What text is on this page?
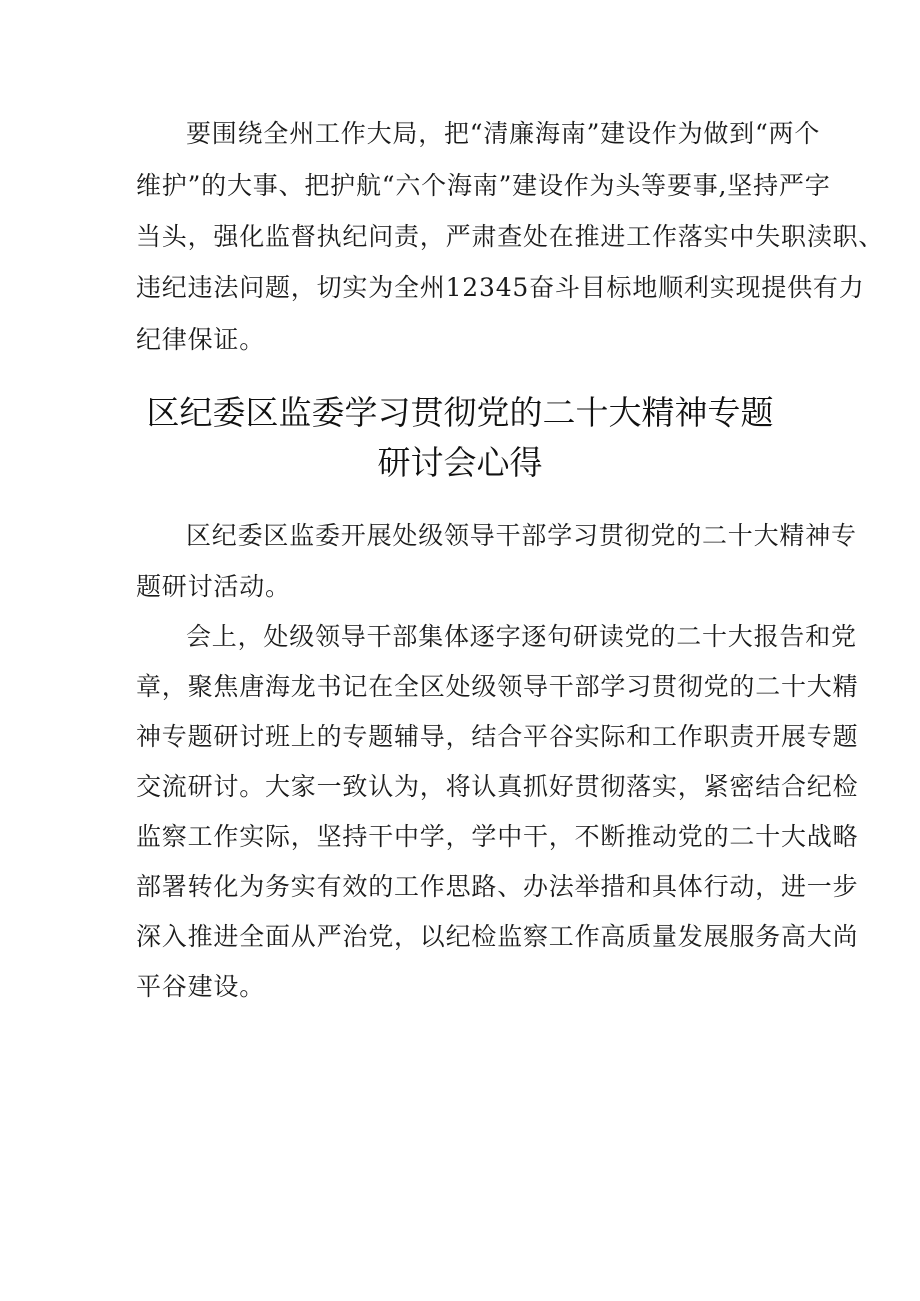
要围绕全州工作大局，把“清廉海南”建设作为做到“两个
维护”的大事、把护航“六个海南”建设作为头等要事,坚持严字
当头，强化监督执纪问责，严肃查处在推进工作落实中失职渎职、
违纪违法问题，切实为全州12345奋斗目标地顺利实现提供有力
纪律保证。
区纪委区监委学习贯彻党的二十大精神专题
研讨会心得
区纪委区监委开展处级领导干部学习贯彻党的二十大精神专
题研讨活动。
会上，处级领导干部集体逐字逐句研读党的二十大报告和党
章，聚焦唐海龙书记在全区处级领导干部学习贯彻党的二十大精
神专题研讨班上的专题辅导，结合平谷实际和工作职责开展专题
交流研讨。大家一致认为，将认真抓好贯彻落实，紧密结合纪检
监察工作实际，坚持干中学，学中干，不断推动党的二十大战略
部署转化为务实有效的工作思路、办法举措和具体行动，进一步
深入推进全面从严治党，以纪检监察工作高质量发展服务高大尚
平谷建设。
